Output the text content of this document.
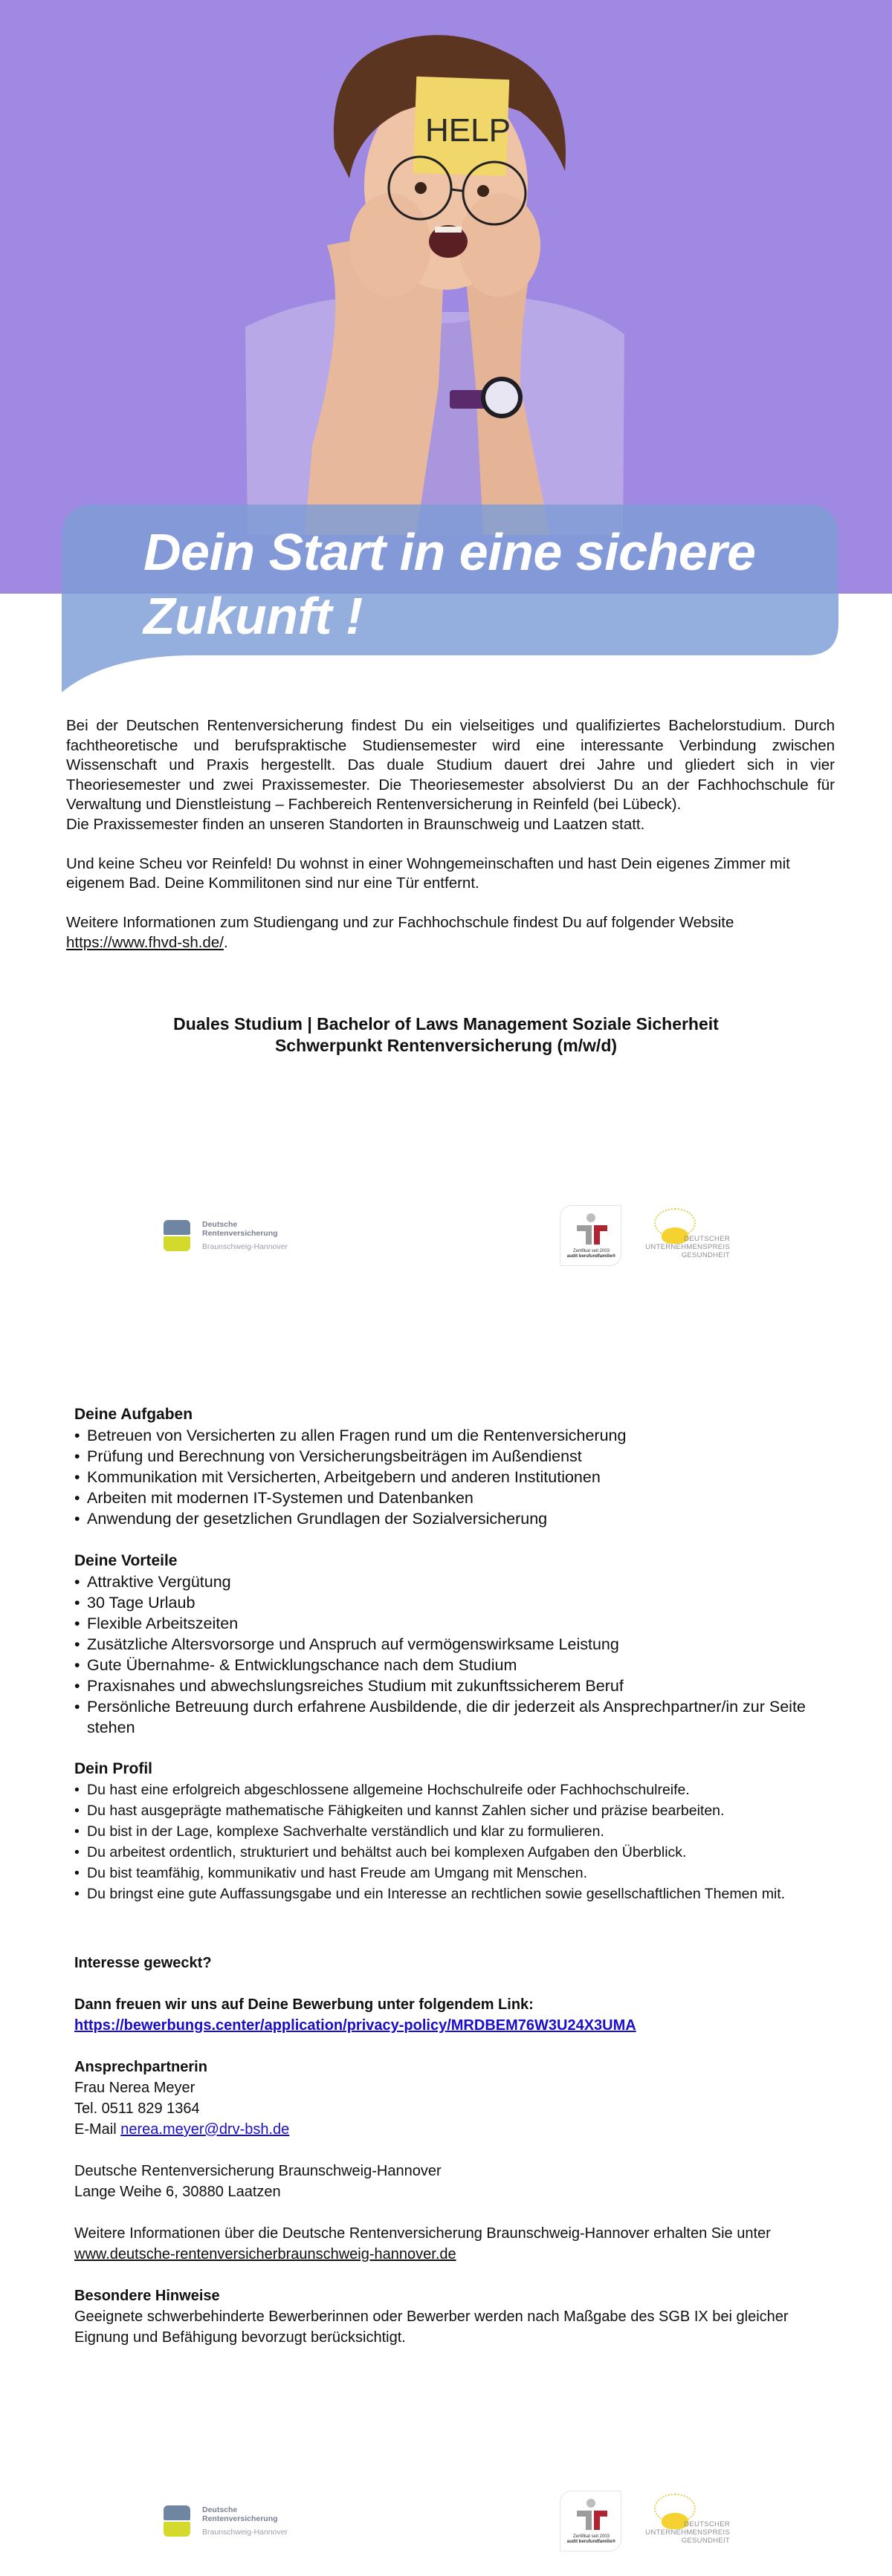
HELP
Dein Start in eine sichere
Zukunft !

Bei der Deutschen Rentenversicherung findest Du ein vielseitiges und qualifiziertes Bachelorstudium. Durch fachtheoretische und berufspraktische Studiensemester wird eine interessante Verbindung zwischen Wissenschaft und Praxis hergestellt. Das duale Studium dauert drei Jahre und gliedert sich in vier Theoriesemester und zwei Praxissemester. Die Theoriesemester absolvierst Du an der Fachhochschule für Verwaltung und Dienstleistung – Fachbereich Rentenversicherung in Reinfeld (bei Lübeck).

Die Praxissemester finden an unseren Standorten in Braunschweig und Laatzen statt.

Und keine Scheu vor Reinfeld! Du wohnst in einer Wohngemeinschaften und hast Dein eigenes Zimmer mit eigenem Bad. Deine Kommilitonen sind nur eine Tür entfernt.

Weitere Informationen zum Studiengang und zur Fachhochschule findest Du auf folgender Website
https://www.fhvd-sh.de/.

Duales Studium | Bachelor of Laws Management Soziale Sicherheit
Schwerpunkt Rentenversicherung (m/w/d)
Deutsche
Rentenversicherung
Braunschweig-Hannover	Zertifikat seit 2003
audit berufundfamilie®
DEUTSCHER
UNTERNEHMENSPREIS
GESUNDHEIT
Deine Aufgaben
• Betreuen von Versicherten zu allen Fragen rund um die Rentenversicherung
• Prüfung und Berechnung von Versicherungsbeiträgen im Außendienst
• Kommunikation mit Versicherten, Arbeitgebern und anderen Institutionen
• Arbeiten mit modernen IT-Systemen und Datenbanken
• Anwendung der gesetzlichen Grundlagen der Sozialversicherung
Deine Vorteile
• Attraktive Vergütung
• 30 Tage Urlaub
• Flexible Arbeitszeiten
• Zusätzliche Altersvorsorge und Anspruch auf vermögenswirksame Leistung
• Gute Übernahme- & Entwicklungschance nach dem Studium
• Praxisnahes und abwechslungsreiches Studium mit zukunftssicherem Beruf
• Persönliche Betreuung durch erfahrene Ausbildende, die dir jederzeit als Ansprechpartner/in zur Seite stehen
Dein Profil
• Du hast eine erfolgreich abgeschlossene allgemeine Hochschulreife oder Fachhochschulreife.
• Du hast ausgeprägte mathematische Fähigkeiten und kannst Zahlen sicher und präzise bearbeiten.
• Du bist in der Lage, komplexe Sachverhalte verständlich und klar zu formulieren.
• Du arbeitest ordentlich, strukturiert und behältst auch bei komplexen Aufgaben den Überblick.
• Du bist teamfähig, kommunikativ und hast Freude am Umgang mit Menschen.
• Du bringst eine gute Auffassungsgabe und ein Interesse an rechtlichen sowie gesellschaftlichen Themen mit.
Interesse geweckt?
Dann freuen wir uns auf Deine Bewerbung unter folgendem Link:
https://bewerbungs.center/application/privacy-policy/MRDBEM76W3U24X3UMA
Ansprechpartnerin
Frau Nerea Meyer
Tel. 0511 829 1364
E-Mail nerea.meyer@drv-bsh.de
Deutsche Rentenversicherung Braunschweig-Hannover
Lange Weihe 6, 30880 Laatzen
Weitere Informationen über die Deutsche Rentenversicherung Braunschweig-Hannover erhalten Sie unter
www.deutsche-rentenversicherbraunschweig-hannover.de
Besondere Hinweise
Geeignete schwerbehinderte Bewerberinnen oder Bewerber werden nach Maßgabe des SGB IX bei gleicher Eignung und Befähigung bevorzugt berücksichtigt.
Deutsche
Rentenversicherung
Braunschweig-Hannover	Zertifikat seit 2003
audit berufundfamilie®
DEUTSCHER
UNTERNEHMENSPREIS
GESUNDHEIT
